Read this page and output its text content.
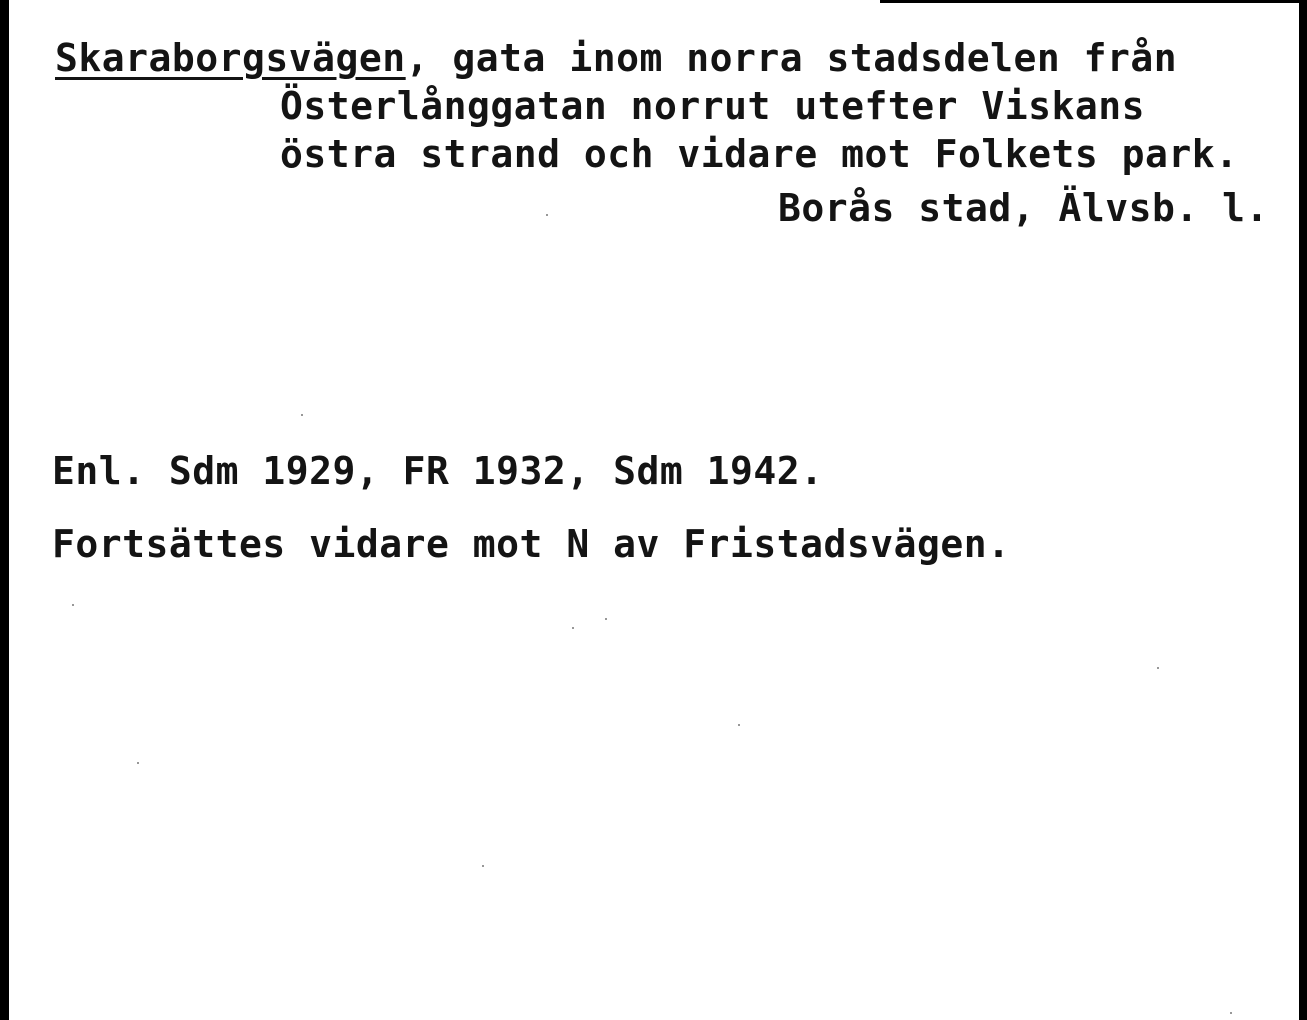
Skaraborgsvägen, gata inom norra stadsdelen från
Österlånggatan norrut utefter Viskans
östra strand och vidare mot Folkets park.
Borås stad, Älvsb. l.
Enl. Sdm 1929, FR 1932, Sdm 1942.
Fortsättes vidare mot N av Fristadsvägen.
